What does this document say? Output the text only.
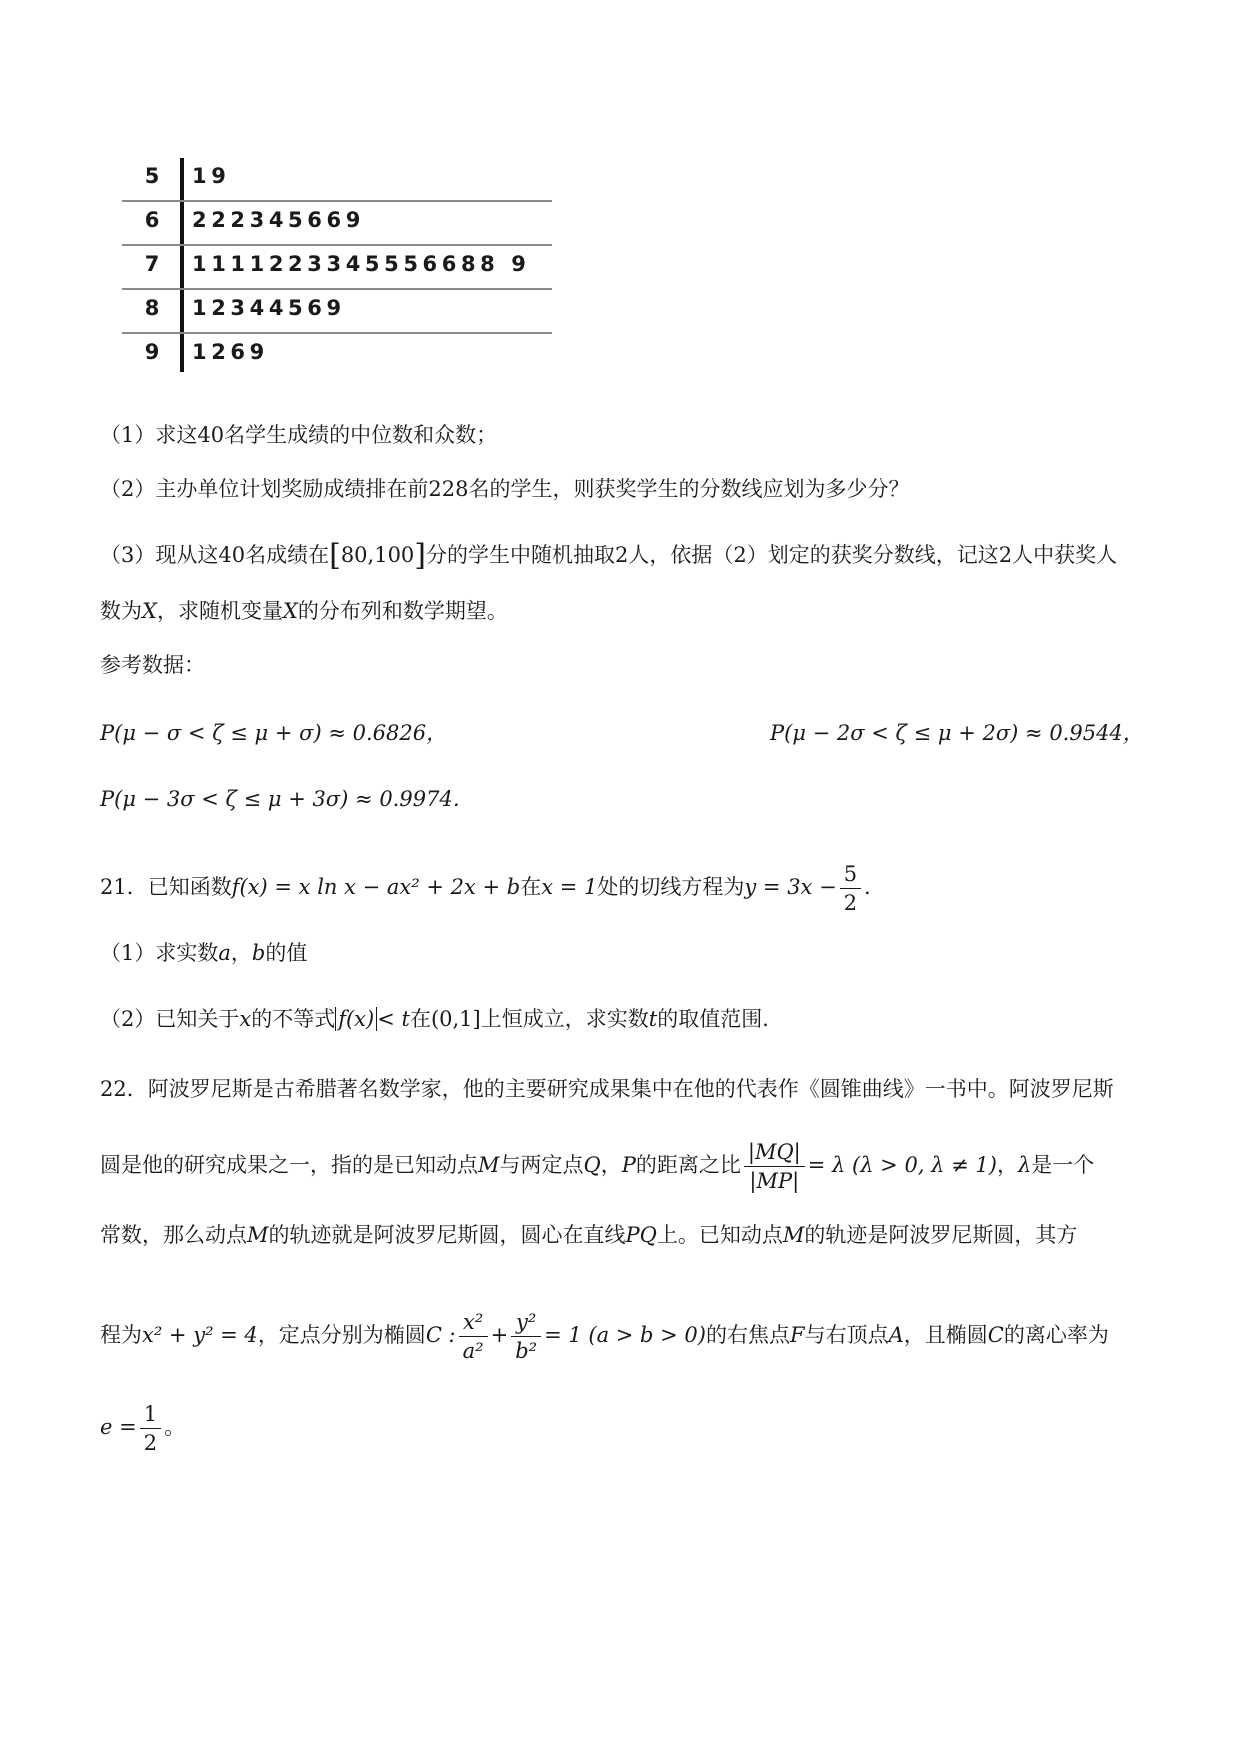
5 19
6 222345669
7 1111223345556688 9
8 12344569
9 1269
（1）求这40名学生成绩的中位数和众数；
（2）主办单位计划奖励成绩排在前228名的学生，则获奖学生的分数线应划为多少分？
（3）现从这40名成绩在[80,100]分的学生中随机抽取2人，依据（2）划定的获奖分数线，记这2人中获奖人
数为X，求随机变量X的分布列和数学期望。
参考数据：
P(μ − σ < ζ ≤ μ + σ) ≈ 0.6826，	P(μ − 2σ < ζ ≤ μ + 2σ) ≈ 0.9544，
P(μ − 3σ < ζ ≤ μ + 3σ) ≈ 0.9974．
21．已知函数f(x) = x ln x − ax² + 2x + b在x = 1处的切线方程为$y = 3x - \frac{5}{2}$ ．
（1）求实数a，b的值
（2）已知关于x的不等式 f(x) < t在(0,1]上恒成立，求实数t的取值范围．
22．阿波罗尼斯是古希腊著名数学家，他的主要研究成果集中在他的代表作《圆锥曲线》一书中。阿波罗尼斯
圆是他的研究成果之一，指的是已知动点M与两定点Q，P的距离之比 $\frac{|MQ|}{|MP|} = \lambda$ (λ > 0, λ ≠ 1)，λ是一个
常数，那么动点M的轨迹就是阿波罗尼斯圆，圆心在直线PQ上。已知动点M的轨迹是阿波罗尼斯圆，其方
程为x² + y² = 4，定点分别为椭圆C : $\frac{\text{x²}}{\text{a²}} + \frac{\text{y²}}{\text{b²}} = 1$ (a > b > 0)的右焦点F与右顶点A，且椭圆C的离心率为
$e = \frac{1}{2}$ 。
